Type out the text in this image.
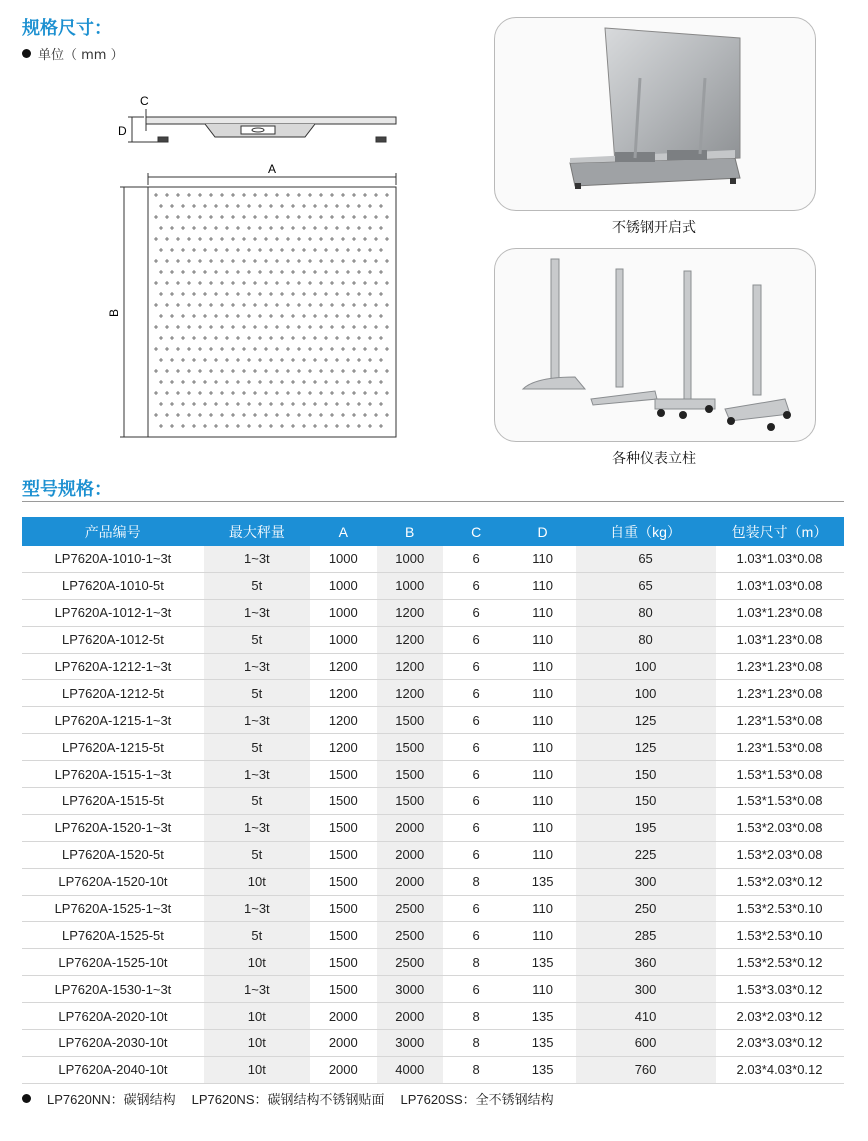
规格尺寸：
单位（ mm ）
C
D
A
B
不锈钢开启式
各种仪表立柱
型号规格：
产品编号	最大秤量	A	B	C	D	自重（kg）	包装尺寸（m）
LP7620A-1010-1~3t	1~3t	1000	1000	6	110	65	1.03*1.03*0.08
LP7620A-1010-5t	5t	1000	1000	6	110	65	1.03*1.03*0.08
LP7620A-1012-1~3t	1~3t	1000	1200	6	110	80	1.03*1.23*0.08
LP7620A-1012-5t	5t	1000	1200	6	110	80	1.03*1.23*0.08
LP7620A-1212-1~3t	1~3t	1200	1200	6	110	100	1.23*1.23*0.08
LP7620A-1212-5t	5t	1200	1200	6	110	100	1.23*1.23*0.08
LP7620A-1215-1~3t	1~3t	1200	1500	6	110	125	1.23*1.53*0.08
LP7620A-1215-5t	5t	1200	1500	6	110	125	1.23*1.53*0.08
LP7620A-1515-1~3t	1~3t	1500	1500	6	110	150	1.53*1.53*0.08
LP7620A-1515-5t	5t	1500	1500	6	110	150	1.53*1.53*0.08
LP7620A-1520-1~3t	1~3t	1500	2000	6	110	195	1.53*2.03*0.08
LP7620A-1520-5t	5t	1500	2000	6	110	225	1.53*2.03*0.08
LP7620A-1520-10t	10t	1500	2000	8	135	300	1.53*2.03*0.12
LP7620A-1525-1~3t	1~3t	1500	2500	6	110	250	1.53*2.53*0.10
LP7620A-1525-5t	5t	1500	2500	6	110	285	1.53*2.53*0.10
LP7620A-1525-10t	10t	1500	2500	8	135	360	1.53*2.53*0.12
LP7620A-1530-1~3t	1~3t	1500	3000	6	110	300	1.53*3.03*0.12
LP7620A-2020-10t	10t	2000	2000	8	135	410	2.03*2.03*0.12
LP7620A-2030-10t	10t	2000	3000	8	135	600	2.03*3.03*0.12
LP7620A-2040-10t	10t	2000	4000	8	135	760	2.03*4.03*0.12
LP7620NN：碳钢结构 LP7620NS：碳钢结构不锈钢贴面 LP7620SS：全不锈钢结构
